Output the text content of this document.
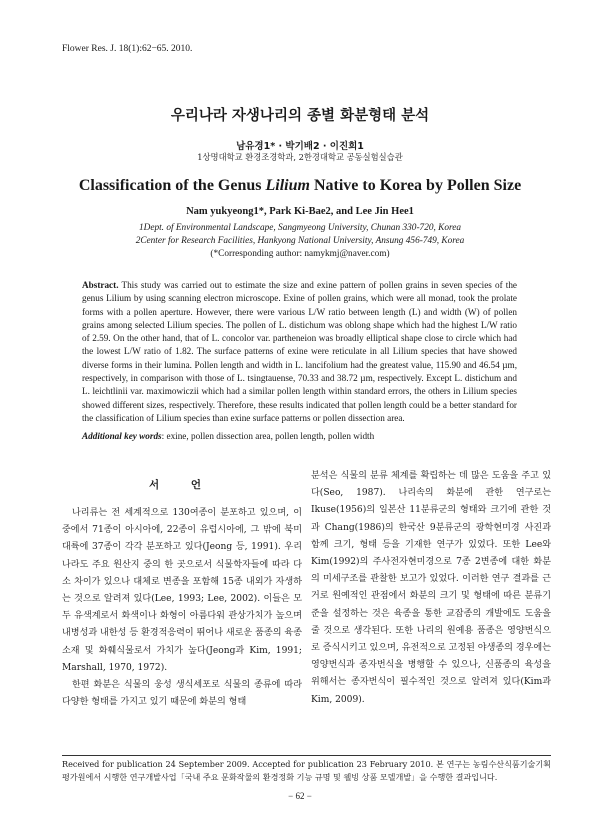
Flower Res. J. 18(1):62−65. 2010.
우리나라 자생나리의 종별 화분형태 분석
남유경1* · 박기배2 · 이진희1
1상명대학교 환경조경학과, 2한경대학교 공동실험실습관
Classification of the Genus Lilium Native to Korea by Pollen Size
Nam yukyeong1*, Park Ki-Bae2, and Lee Jin Hee1
1Dept. of Environmental Landscape, Sangmyeong University, Chunan 330-720, Korea
2Center for Research Facilities, Hankyong National University, Ansung 456-749, Korea
(*Corresponding author: namykmj@naver.com)
Abstract. This study was carried out to estimate the size and exine pattern of pollen grains in seven species of the genus Lilium by using scanning electron microscope. Exine of pollen grains, which were all monad, took the prolate forms with a pollen aperture. However, there were various L/W ratio between length (L) and width (W) of pollen grains among selected Lilium species. The pollen of L. distichum was oblong shape which had the highest L/W ratio of 2.59. On the other hand, that of L. concolor var. partheneion was broadly elliptical shape close to circle which had the lowest L/W ratio of 1.82. The surface patterns of exine were reticulate in all Lilium species that have showed diverse forms in their lumina. Pollen length and width in L. lancifolium had the greatest value, 115.90 and 46.54 µm, respectively, in comparison with those of L. tsingtauense, 70.33 and 38.72 µm, respectively. Except L. distichum and L. leichtlinii var. maximowiczii which had a similar pollen length within standard errors, the others in Lilium species showed different sizes, respectively. Therefore, these results indicated that pollen length could be a better standard for the classification of Lilium species than exine surface patterns or pollen dissection area.
Additional key words: exine, pollen dissection area, pollen length, pollen width
서 언

나리류는 전 세계적으로 130여종이 분포하고 있으며, 이 중에서 71종이 아시아에, 22종이 유럽시아에, 그 밖에 북미대륙에 37종이 각각 분포하고 있다(Jeong 등, 1991). 우리나라도 주요 원산지 중의 한 곳으로서 식물학자들에 따라 다소 차이가 있으나 대체로 변종을 포함해 15종 내외가 자생하는 것으로 알려져 있다(Lee, 1993; Lee, 2002). 이들은 모두 유색계로서 화색이나 화형이 아름다워 관상가치가 높으며 내병성과 내한성 등 환경적응력이 뛰어나 새로운 품종의 육종 소재 및 화훼식물로서 가치가 높다(Jeong과 Kim, 1991; Marshall, 1970, 1972).

한편 화분은 식물의 웅성 생식세포로 식물의 종류에 따라 다양한 형태를 가지고 있기 때문에 화분의 형태

분석은 식물의 분류 체계를 확립하는 데 많은 도움을 주고 있다(Seo, 1987). 나리속의 화분에 관한 연구로는 Ikuse(1956)의 일본산 11분류군의 형태와 크기에 관한 것과 Chang(1986)의 한국산 9분류군의 광학현미경 사진과 함께 크기, 형태 등을 기재한 연구가 있었다. 또한 Lee와 Kim(1992)의 주사전자현미경으로 7종 2변종에 대한 화분의 미세구조를 관찰한 보고가 있었다. 이러한 연구 결과를 근거로 원예적인 관점에서 화분의 크기 및 형태에 따른 분류기준을 설정하는 것은 육종을 통한 교잡종의 개발에도 도움을 줄 것으로 생각된다. 또한 나리의 원예용 품종은 영양번식으로 증식시키고 있으며, 유전적으로 고정된 야생종의 경우에는 영양번식과 종자번식을 병행할 수 있으나, 신품종의 육성을 위해서는 종자번식이 필수적인 것으로 알려져 있다(Kim과 Kim, 2009).

Received for publication 24 September 2009. Accepted for publication 23 February 2010. 본 연구는 농림수산식품기술기획평가원에서 시행한 연구개발사업「국내 주요 문화작물의 환경정화 기능 규명 및 웰빙 상품 모델개발」을 수행한 결과입니다.
− 62 −
